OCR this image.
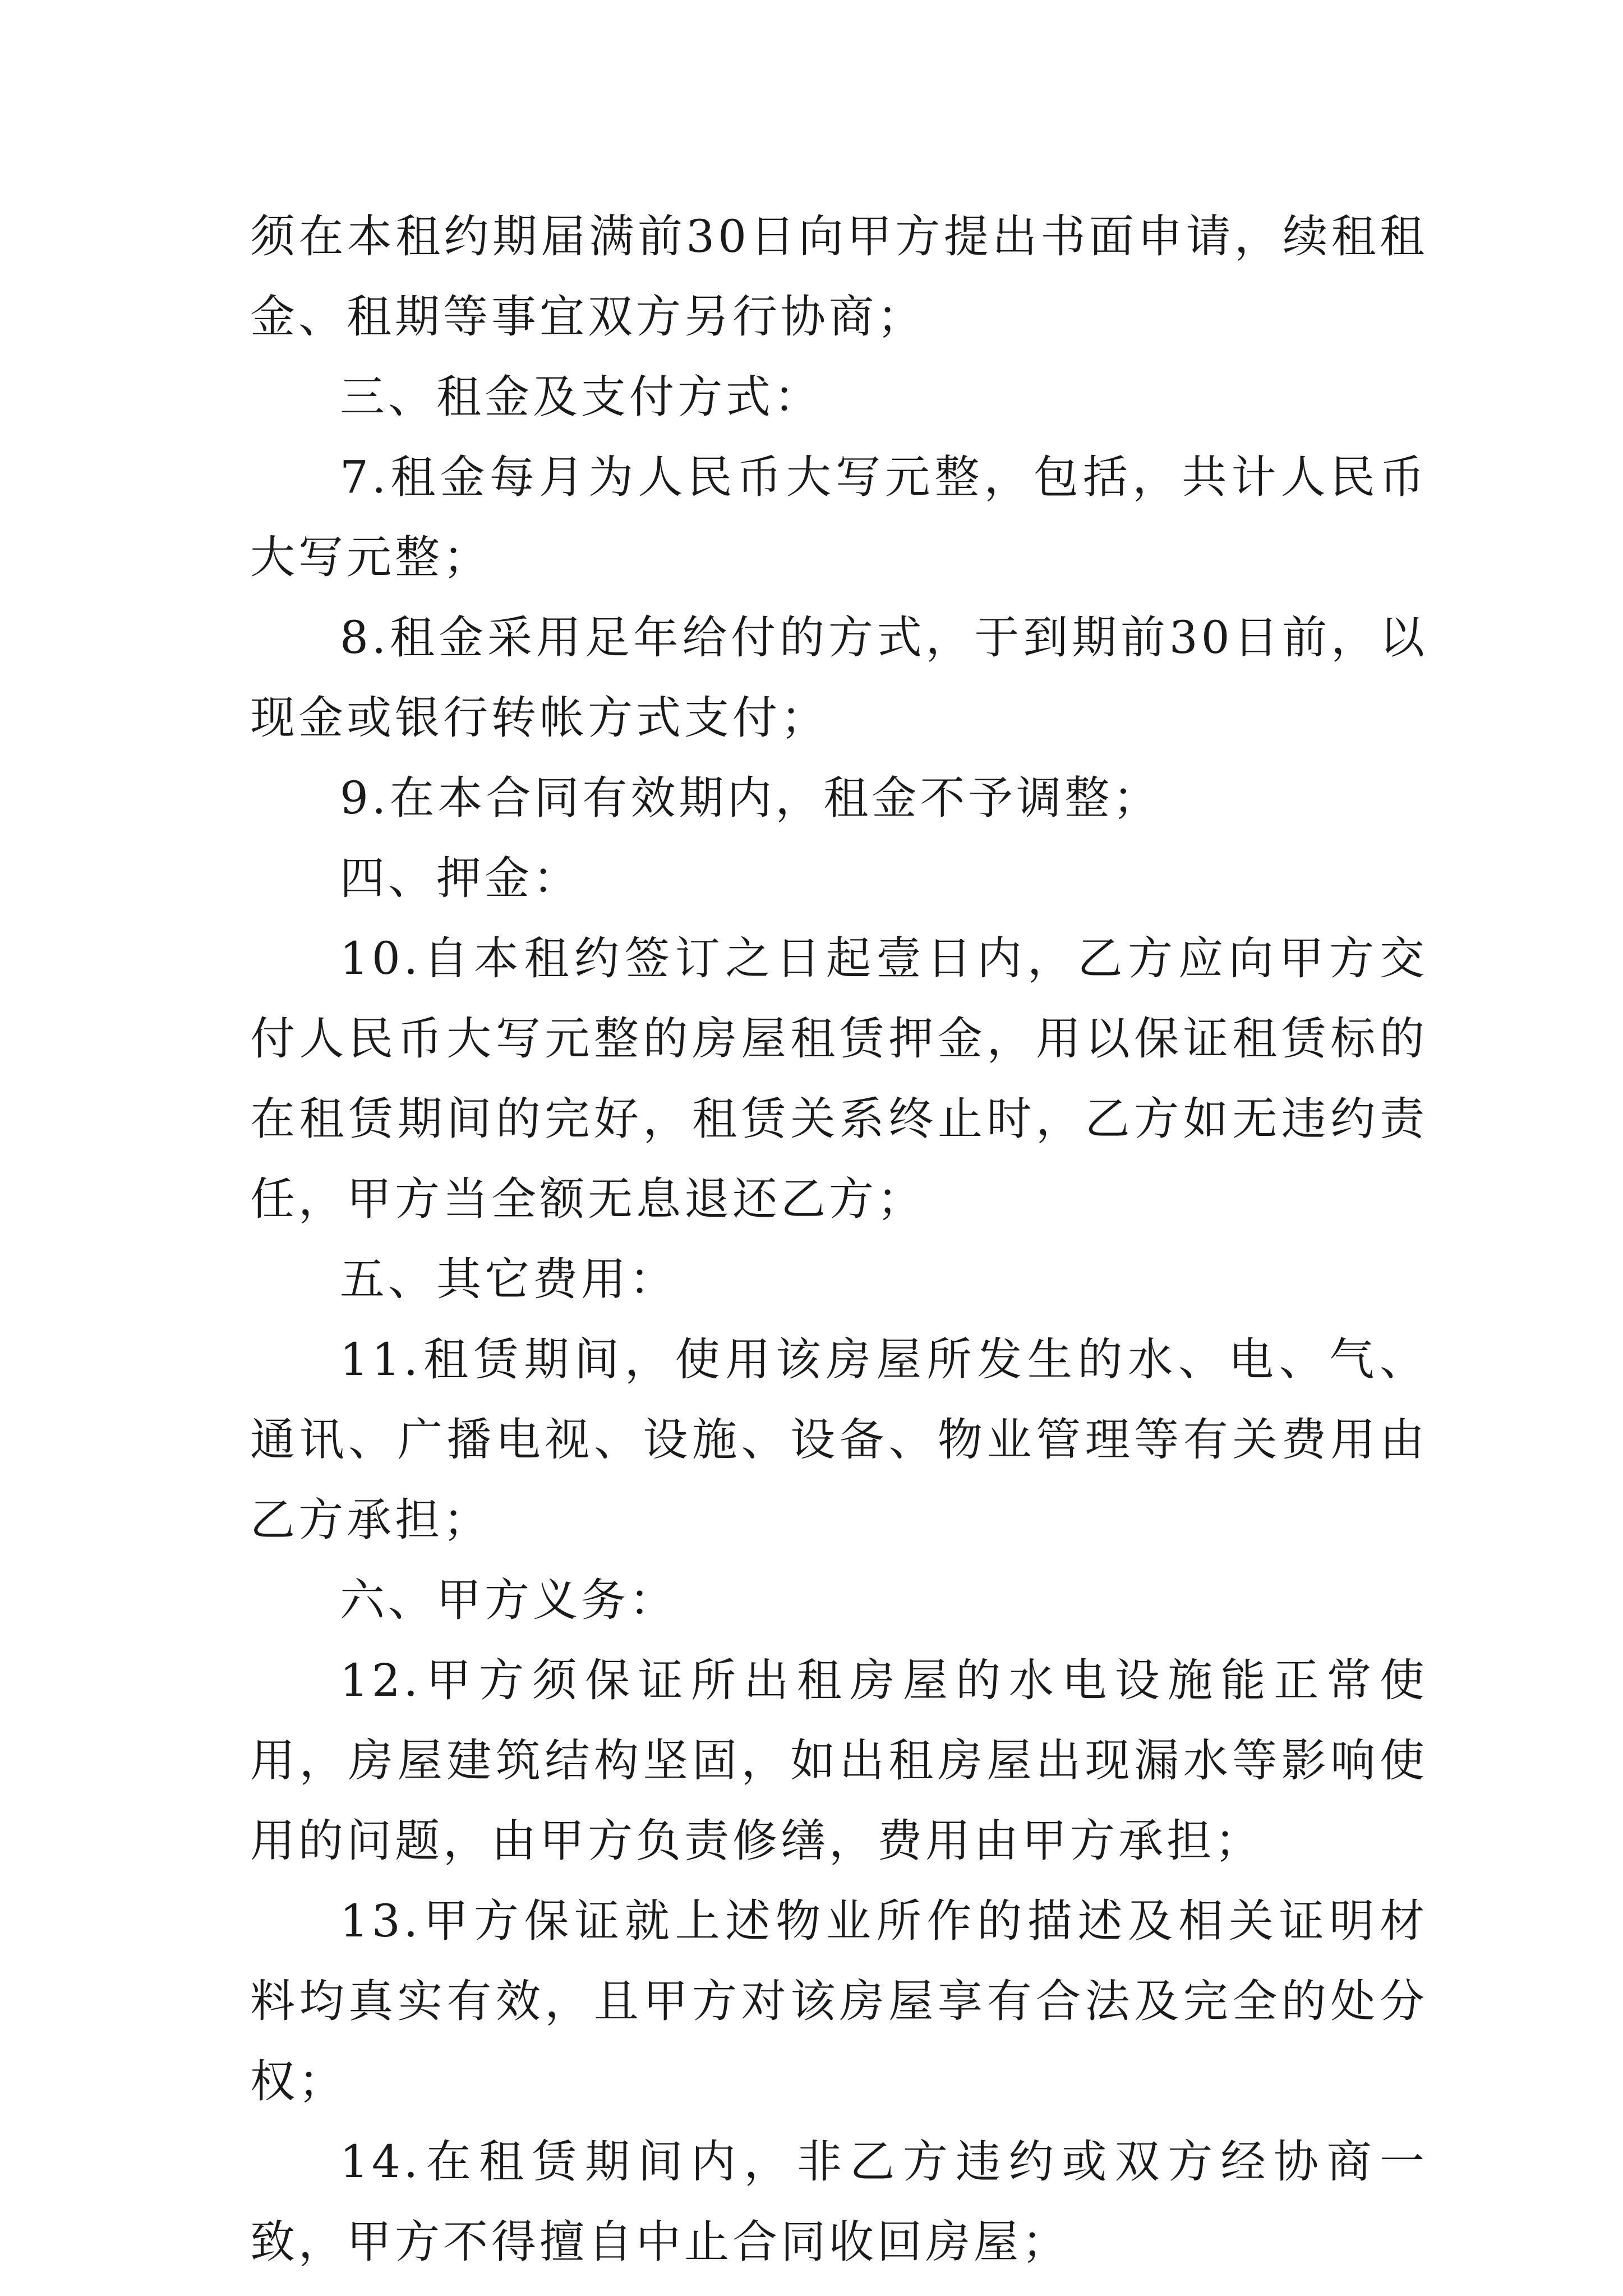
须在本租约期届满前30日向甲方提出书面申请，续租租金、租期等事宜双方另行协商；

三、租金及支付方式：

7.租金每月为人民币大写元整，包括，共计人民币大写元整；

8.租金采用足年给付的方式，于到期前30日前，以现金或银行转帐方式支付；

9.在本合同有效期内，租金不予调整；

四、押金：

10.自本租约签订之日起壹日内，乙方应向甲方交付人民币大写元整的房屋租赁押金，用以保证租赁标的在租赁期间的完好，租赁关系终止时，乙方如无违约责任，甲方当全额无息退还乙方；

五、其它费用：

11.租赁期间，使用该房屋所发生的水、电、气、通讯、广播电视、设施、设备、物业管理等有关费用由乙方承担；

六、甲方义务：

12.甲方须保证所出租房屋的水电设施能正常使用，房屋建筑结构坚固，如出租房屋出现漏水等影响使用的问题，由甲方负责修缮，费用由甲方承担；

13.甲方保证就上述物业所作的描述及相关证明材料均真实有效，且甲方对该房屋享有合法及完全的处分权；

14.在租赁期间内，非乙方违约或双方经协商一致，甲方不得擅自中止合同收回房屋；
